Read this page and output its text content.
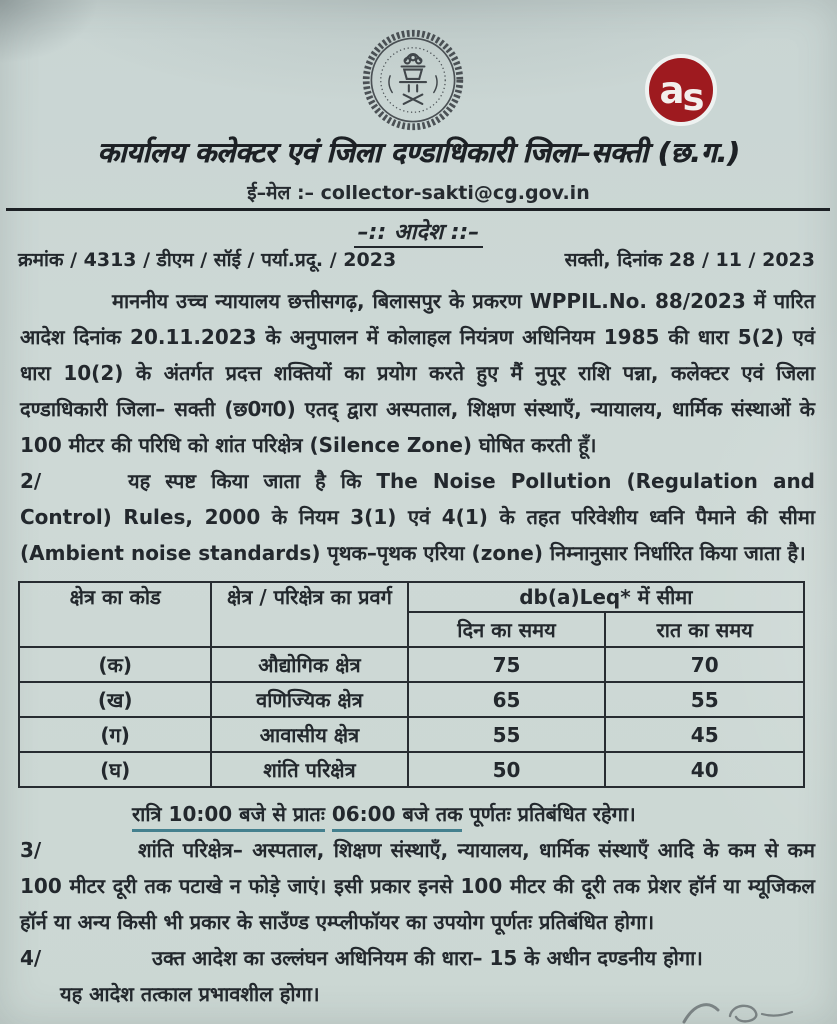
a s
कार्यालय कलेक्टर एवं जिला दण्डाधिकारी जिला–सक्ती (छ.ग.)
ई–मेल :– collector-sakti@cg.gov.in
–:: आदेश ::–
क्रमांक / 4313 / डीएम / सॉई / पर्या.प्रदू. / 2023	सक्ती, दिनांक 28 / 11 / 2023

माननीय उच्च न्यायालय छत्तीसगढ़, बिलासपुर के प्रकरण WPPIL.No. 88/2023 में पारित आदेश दिनांक 20.11.2023 के अनुपालन में कोलाहल नियंत्रण अधिनियम 1985 की धारा 5(2) एवं धारा 10(2) के अंतर्गत प्रदत्त शक्तियों का प्रयोग करते हुए मैं नुपूर राशि पन्ना, कलेक्टर एवं जिला दण्डाधिकारी जिला– सक्ती (छ0ग0) एतद् द्वारा अस्पताल, शिक्षण संस्थाएँ, न्यायालय, धार्मिक संस्थाओं के 100 मीटर की परिधि को शांत परिक्षेत्र (Silence Zone) घोषित करती हूँ।

2/	यह स्पष्ट किया जाता है कि The Noise Pollution (Regulation and Control) Rules, 2000 के नियम 3(1) एवं 4(1) के तहत परिवेशीय ध्वनि पैमाने की सीमा (Ambient noise standards) पृथक–पृथक एरिया (zone) निम्नानुसार निर्धारित किया जाता है।

क्षेत्र का कोड	क्षेत्र / परिक्षेत्र का प्रवर्ग	db(a)Leq* में सीमा	
		दिन का समय	रात का समय
(क)	औद्योगिक क्षेत्र	75	70
(ख)	वणिज्यिक क्षेत्र	65	55
(ग)	आवासीय क्षेत्र	55	45
(घ)	शांति परिक्षेत्र	50	40

रात्रि 10:00 बजे से प्रातः 06:00 बजे तक पूर्णतः प्रतिबंधित रहेगा।

3/	शांति परिक्षेत्र– अस्पताल, शिक्षण संस्थाएँ, न्यायालय, धार्मिक संस्थाएँ आदि के कम से कम 100 मीटर दूरी तक पटाखे न फोड़े जाएं। इसी प्रकार इनसे 100 मीटर की दूरी तक प्रेशर हॉर्न या म्यूजिकल हॉर्न या अन्य किसी भी प्रकार के साउँण्ड एम्प्लीफॉयर का उपयोग पूर्णतः प्रतिबंधित होगा।

4/	उक्त आदेश का उल्लंघन अधिनियम की धारा– 15 के अधीन दण्डनीय होगा।

यह आदेश तत्काल प्रभावशील होगा।
